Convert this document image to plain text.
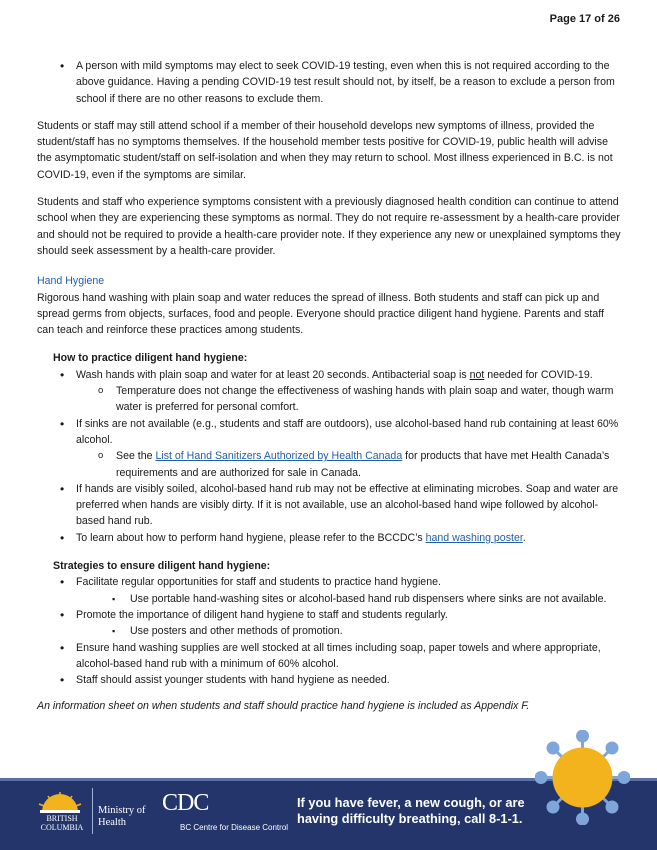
Page 17 of 26

• A person with mild symptoms may elect to seek COVID-19 testing, even when this is not required according to the above guidance. Having a pending COVID-19 test result should not, by itself, be a reason to exclude a person from school if there are no other reasons to exclude them.

Students or staff may still attend school if a member of their household develops new symptoms of illness, provided the student/staff has no symptoms themselves. If the household member tests positive for COVID-19, public health will advise the asymptomatic student/staff on self-isolation and when they may return to school. Most illness experienced in B.C. is not COVID-19, even if the symptoms are similar.

Students and staff who experience symptoms consistent with a previously diagnosed health condition can continue to attend school when they are experiencing these symptoms as normal. They do not require re-assessment by a health-care provider and should not be required to provide a health-care provider note. If they experience any new or unexplained symptoms they should seek assessment by a health-care provider.

Hand Hygiene

Rigorous hand washing with plain soap and water reduces the spread of illness. Both students and staff can pick up and spread germs from objects, surfaces, food and people. Everyone should practice diligent hand hygiene. Parents and staff can teach and reinforce these practices among students.

How to practice diligent hand hygiene:
• Wash hands with plain soap and water for at least 20 seconds. Antibacterial soap is not needed for COVID-19.
o Temperature does not change the effectiveness of washing hands with plain soap and water, though warm water is preferred for personal comfort.
• If sinks are not available (e.g., students and staff are outdoors), use alcohol-based hand rub containing at least 60% alcohol.
o See the List of Hand Sanitizers Authorized by Health Canada for products that have met Health Canada’s requirements and are authorized for sale in Canada.
• If hands are visibly soiled, alcohol-based hand rub may not be effective at eliminating microbes. Soap and water are preferred when hands are visibly dirty. If it is not available, use an alcohol-based hand wipe followed by alcohol-based hand rub.
• To learn about how to perform hand hygiene, please refer to the BCCDC’s hand washing poster.
Strategies to ensure diligent hand hygiene:
• Facilitate regular opportunities for staff and students to practice hand hygiene.
▪ Use portable hand-washing sites or alcohol-based hand rub dispensers where sinks are not available.
• Promote the importance of diligent hand hygiene to staff and students regularly.
▪ Use posters and other methods of promotion.
• Ensure hand washing supplies are well stocked at all times including soap, paper towels and where appropriate, alcohol-based hand rub with a minimum of 60% alcohol.
• Staff should assist younger students with hand hygiene as needed.

An information sheet on when students and staff should practice hand hygiene is included as Appendix F.

BRITISH
COLUMBIA
Ministry of
Health
CDC
BC Centre for Disease Control
If you have fever, a new cough, or are
having difficulty breathing, call 8-1-1.
